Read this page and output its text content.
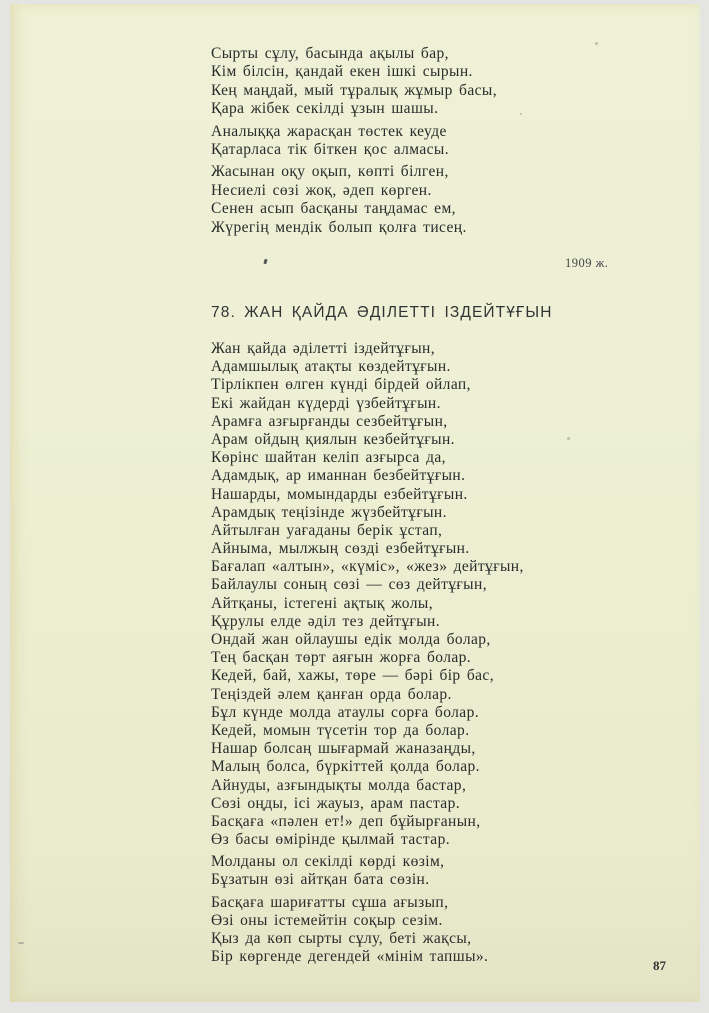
Сырты сұлу, басында ақылы бар,
Кім білсін, қандай екен ішкі сырын.
Кең маңдай, мый тұралық жұмыр басы,
Қара жібек секілді ұзын шашы.
Аналыққа жарасқан төстек кеуде
Қатарласа тік біткен қос алмасы.
Жасынан оқу оқып, көпті білген,
Несиелі сөзі жоқ, әдеп көрген.
Сенен асып басқаны таңдамас ем,
Жүрегің мендік болып қолға тисең.
1909 ж.
78. ЖАН ҚАЙДА ӘДІЛЕТТІ ІЗДЕЙТҰҒЫН
Жан қайда әділетті іздейтұғын,
Адамшылық атақты көздейтұғын.
Тірлікпен өлген күнді бірдей ойлап,
Екі жайдан күдерді үзбейтұғын.
Арамға азғырғанды сезбейтұғын,
Арам ойдың қиялын кезбейтұғын.
Көрінс шайтан келіп азғырса да,
Адамдық, ар иманнан безбейтұғын.
Нашарды, момындарды езбейтұғын.
Арамдық теңізінде жүзбейтұғын.
Айтылған уағаданы берік ұстап,
Айныма, мылжың сөзді езбейтұғын.
Бағалап «алтын», «күміс», «жез» дейтұғын,
Байлаулы соның сөзі — сөз дейтұғын,
Айтқаны, істегені ақтық жолы,
Құрулы елде әділ тез дейтұғын.
Ондай жан ойлаушы едік молда болар,
Тең басқан төрт аяғын жорға болар.
Кедей, бай, хажы, төре — бәрі бір бас,
Теңіздей әлем қанған орда болар.
Бұл күнде молда атаулы сорға болар.
Кедей, момын түсетін тор да болар.
Нашар болсаң шығармай жаназаңды,
Малың болса, бүркіттей қолда болар.
Айнуды, азғындықты молда бастар,
Сөзі оңды, ісі жауыз, арам пастар.
Басқаға «пәлен ет!» деп бұйырғанын,
Өз басы өмірінде қылмай тастар.
Молданы ол секілді көрді көзім,
Бұзатын өзі айтқан бата сөзін.
Басқаға шариғатты сұша ағызып,
Өзі оны істемейтін соқыр сезім.
Қыз да көп сырты сұлу, беті жақсы,
Бір көргенде дегендей «мінім тапшы».
87
